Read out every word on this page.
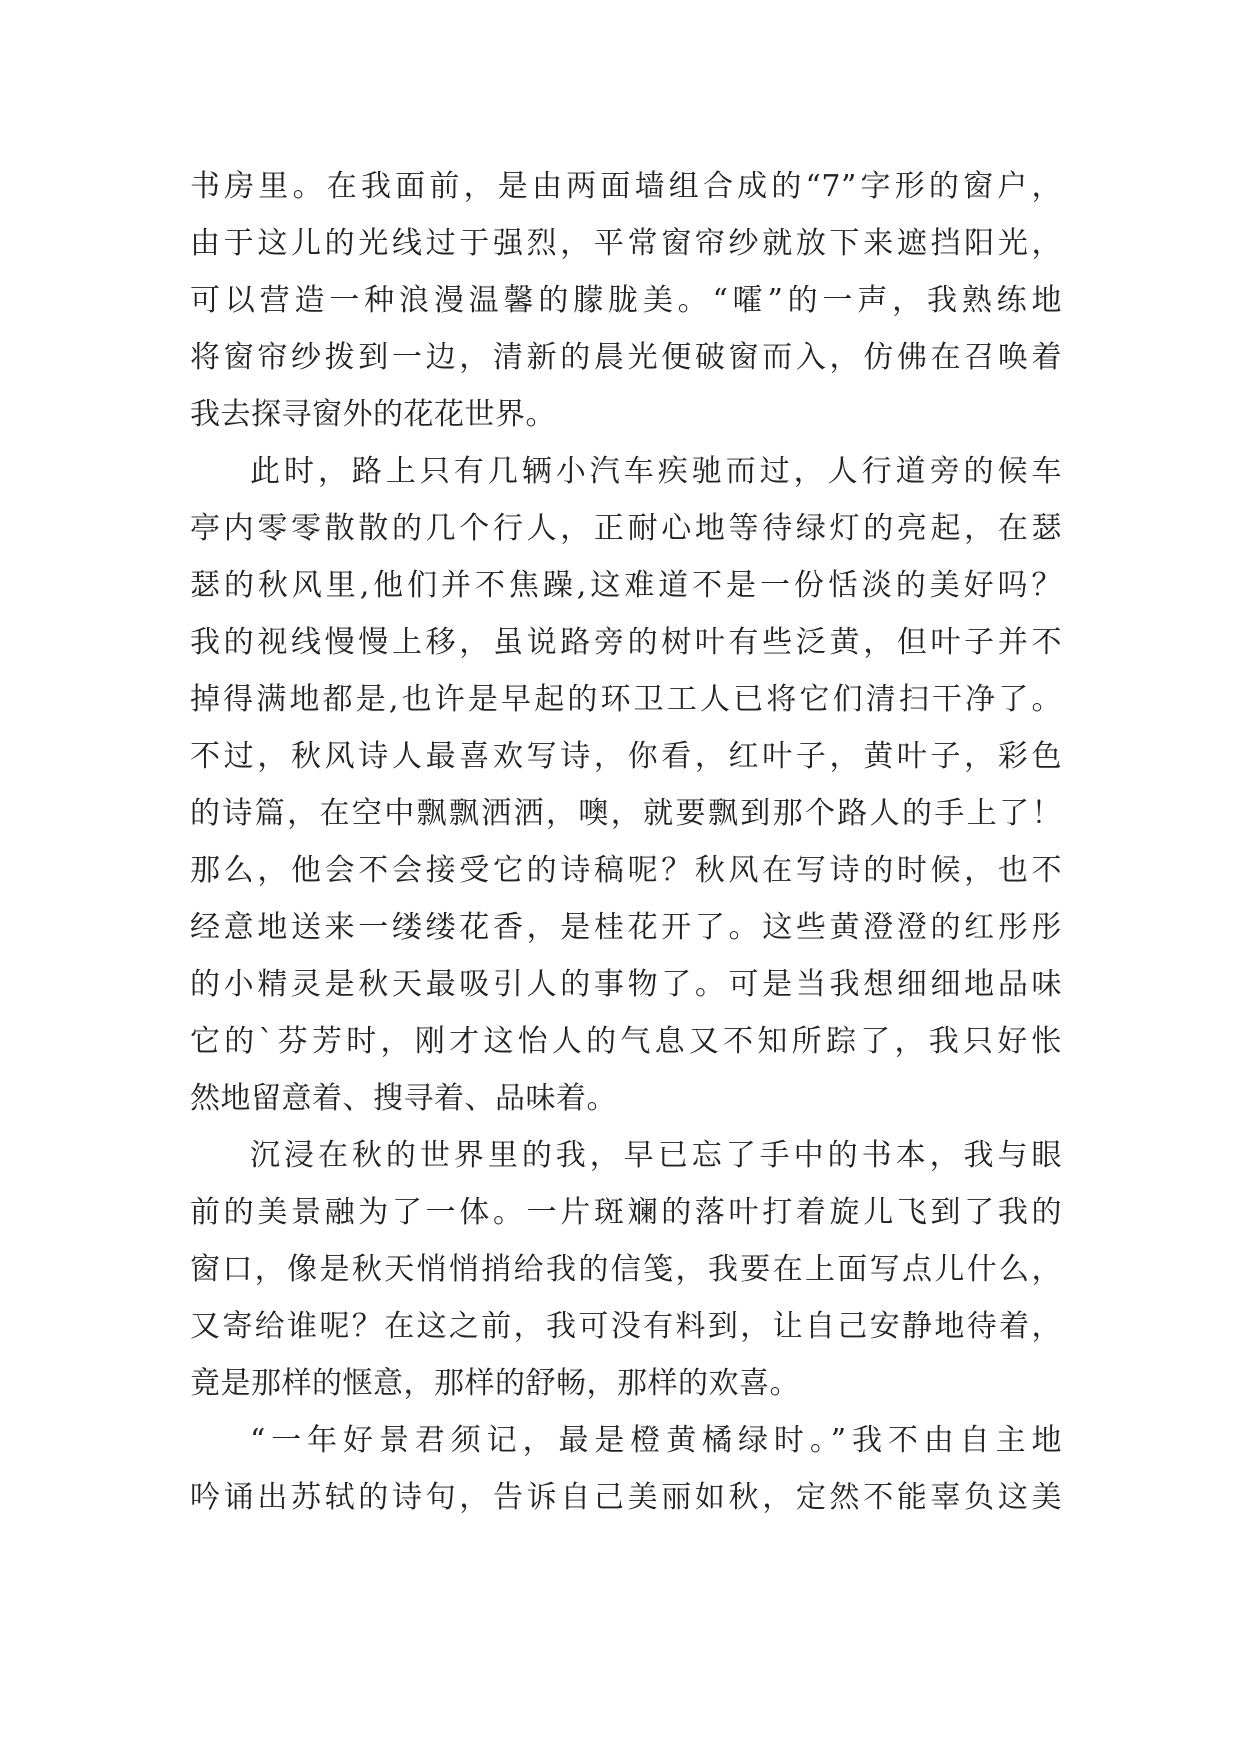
书房里。在我面前，是由两面墙组合成的“7”字形的窗户，
由于这儿的光线过于强烈，平常窗帘纱就放下来遮挡阳光，
可以营造一种浪漫温馨的朦胧美。“嚯”的一声，我熟练地
将窗帘纱拨到一边，清新的晨光便破窗而入，仿佛在召唤着
我去探寻窗外的花花世界。
此时，路上只有几辆小汽车疾驰而过，人行道旁的候车
亭内零零散散的几个行人，正耐心地等待绿灯的亮起，在瑟
瑟的秋风里,他们并不焦躁,这难道不是一份恬淡的美好吗？
我的视线慢慢上移，虽说路旁的树叶有些泛黄，但叶子并不
掉得满地都是,也许是早起的环卫工人已将它们清扫干净了。
不过，秋风诗人最喜欢写诗，你看，红叶子，黄叶子，彩色
的诗篇，在空中飘飘洒洒，噢，就要飘到那个路人的手上了！
那么，他会不会接受它的诗稿呢？秋风在写诗的时候，也不
经意地送来一缕缕花香，是桂花开了。这些黄澄澄的红彤彤
的小精灵是秋天最吸引人的事物了。可是当我想细细地品味
它的`芬芳时，刚才这怡人的气息又不知所踪了，我只好怅
然地留意着、搜寻着、品味着。
沉浸在秋的世界里的我，早已忘了手中的书本，我与眼
前的美景融为了一体。一片斑斓的落叶打着旋儿飞到了我的
窗口，像是秋天悄悄捎给我的信笺，我要在上面写点儿什么，
又寄给谁呢？在这之前，我可没有料到，让自己安静地待着，
竟是那样的惬意，那样的舒畅，那样的欢喜。
“一年好景君须记，最是橙黄橘绿时。”我不由自主地
吟诵出苏轼的诗句，告诉自己美丽如秋，定然不能辜负这美
